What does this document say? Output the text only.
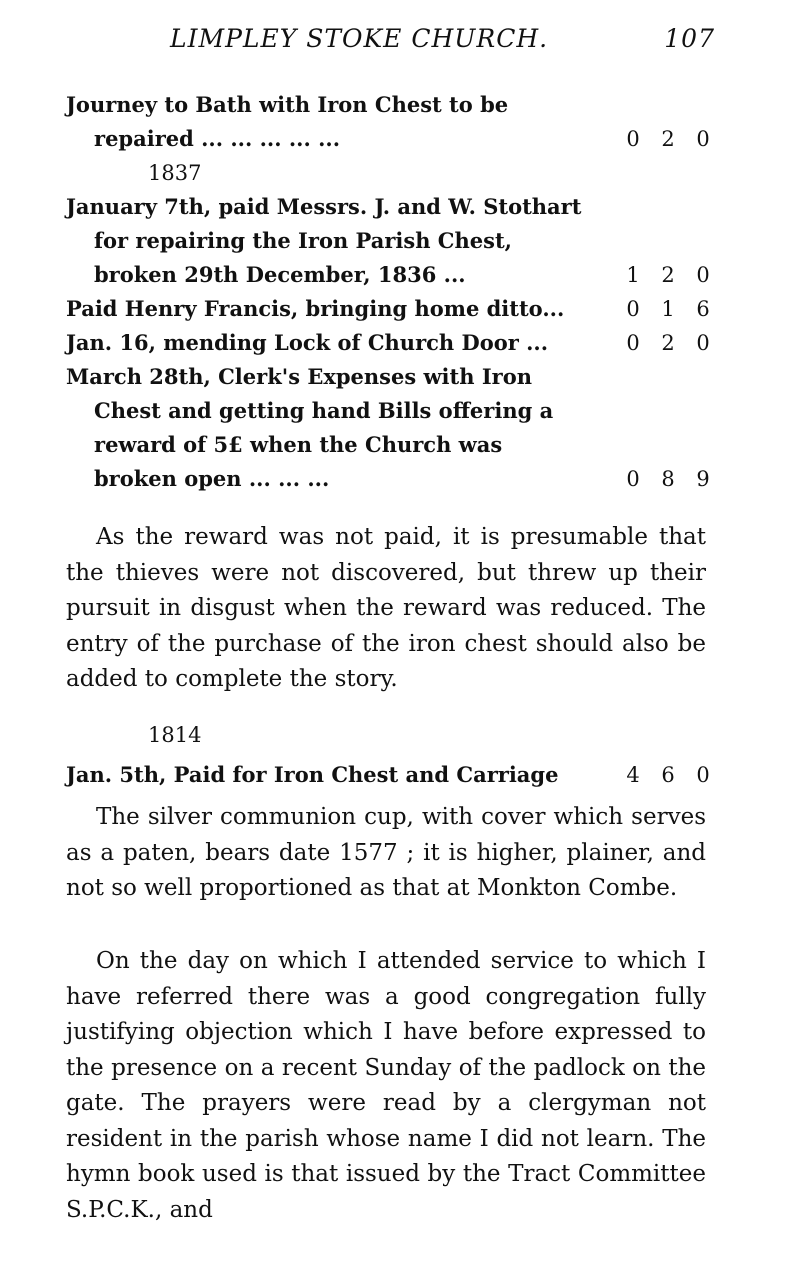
LIMPLEY STOKE CHURCH.	107
Journey to Bath with Iron Chest to be repaired ... ... ... ... ...	0	2	0
1837
January 7th, paid Messrs. J. and W. Stothart for repairing the Iron Parish Chest, broken 29th December, 1836 ...	1	2	0
Paid Henry Francis, bringing home ditto...	0	1	6
Jan. 16, mending Lock of Church Door ...	0	2	0
March 28th, Clerk's Expenses with Iron Chest and getting hand Bills offering a reward of 5£ when the Church was broken open ... ... ...	0	8	9

As the reward was not paid, it is presumable that the thieves were not discovered, but threw up their pursuit in disgust when the reward was reduced. The entry of the purchase of the iron chest should also be added to complete the story.

1814
Jan. 5th, Paid for Iron Chest and Carriage	4	6	0

The silver communion cup, with cover which serves as a paten, bears date 1577 ; it is higher, plainer, and not so well proportioned as that at Monkton Combe.

On the day on which I attended service to which I have referred there was a good congregation fully justifying objection which I have before expressed to the presence on a recent Sunday of the padlock on the gate. The prayers were read by a clergyman not resident in the parish whose name I did not learn. The hymn book used is that issued by the Tract Committee S.P.C.K., and
